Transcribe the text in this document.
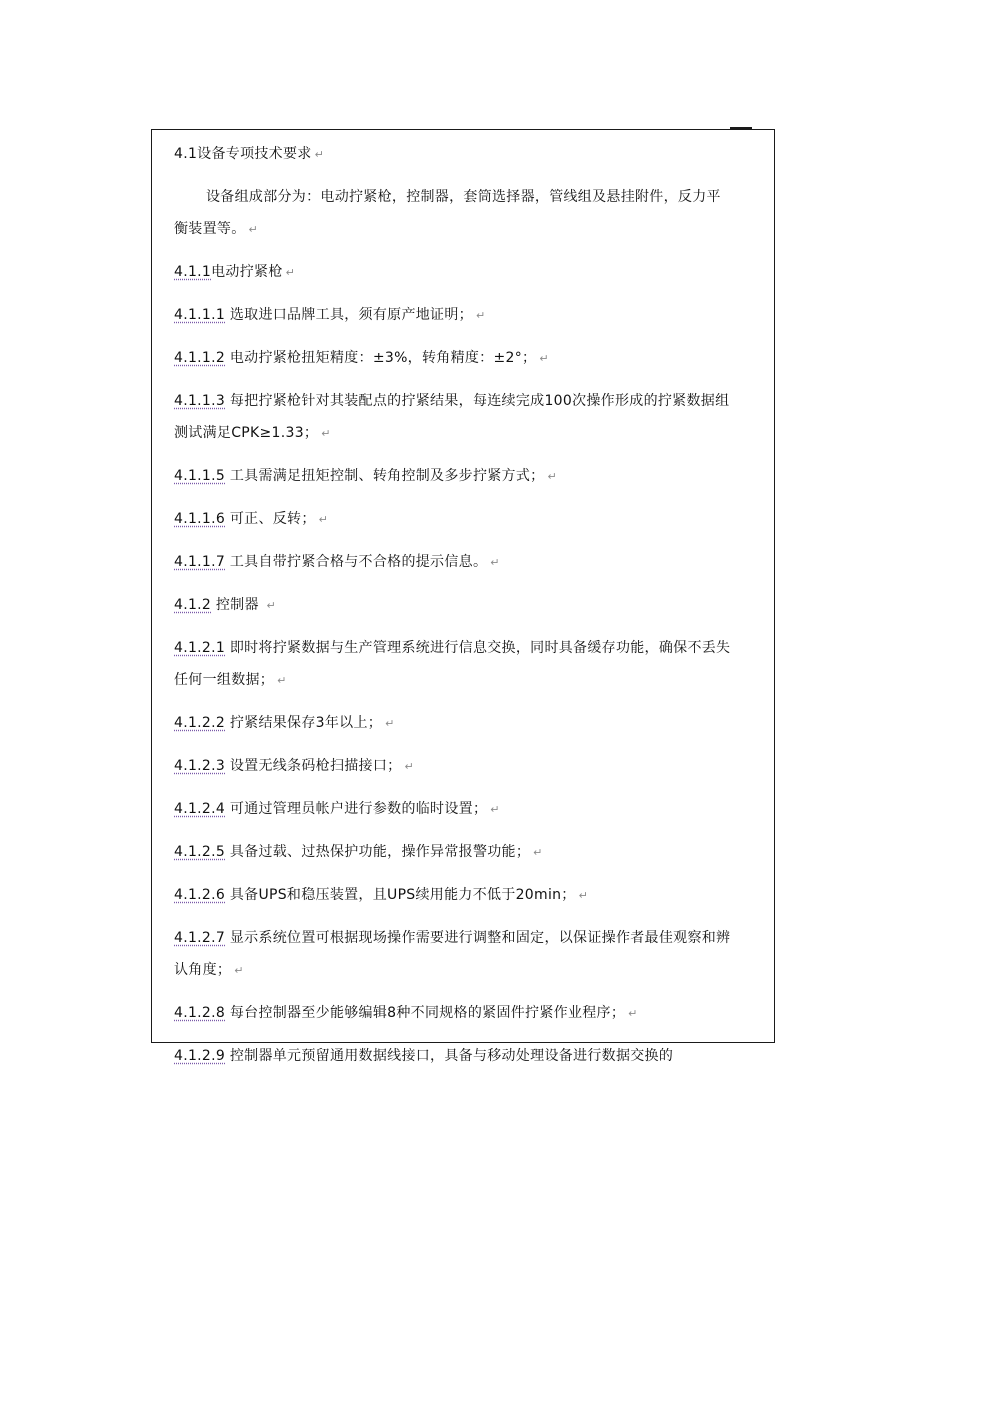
4.1设备专项技术要求 ↵

设备组成部分为：电动拧紧枪，控制器，套筒选择器，管线组及悬挂附件，反力平衡装置等。 ↵

4.1.1电动拧紧枪 ↵

4.1.1.1 选取进口品牌工具，须有原产地证明； ↵

4.1.1.2 电动拧紧枪扭矩精度：±3%，转角精度：±2°； ↵

4.1.1.3 每把拧紧枪针对其装配点的拧紧结果，每连续完成100次操作形成的拧紧数据组测试满足CPK≥1.33； ↵

4.1.1.5 工具需满足扭矩控制、转角控制及多步拧紧方式； ↵

4.1.1.6 可正、反转； ↵

4.1.1.7 工具自带拧紧合格与不合格的提示信息。 ↵

4.1.2 控制器 ↵

4.1.2.1 即时将拧紧数据与生产管理系统进行信息交换，同时具备缓存功能，确保不丢失任何一组数据； ↵

4.1.2.2 拧紧结果保存3年以上； ↵

4.1.2.3 设置无线条码枪扫描接口； ↵

4.1.2.4 可通过管理员帐户进行参数的临时设置； ↵

4.1.2.5 具备过载、过热保护功能，操作异常报警功能； ↵

4.1.2.6 具备UPS和稳压装置，且UPS续用能力不低于20min； ↵

4.1.2.7 显示系统位置可根据现场操作需要进行调整和固定，以保证操作者最佳观察和辨认角度； ↵

4.1.2.8 每台控制器至少能够编辑8种不同规格的紧固件拧紧作业程序； ↵

4.1.2.9 控制器单元预留通用数据线接口，具备与移动处理设备进行数据交换的
